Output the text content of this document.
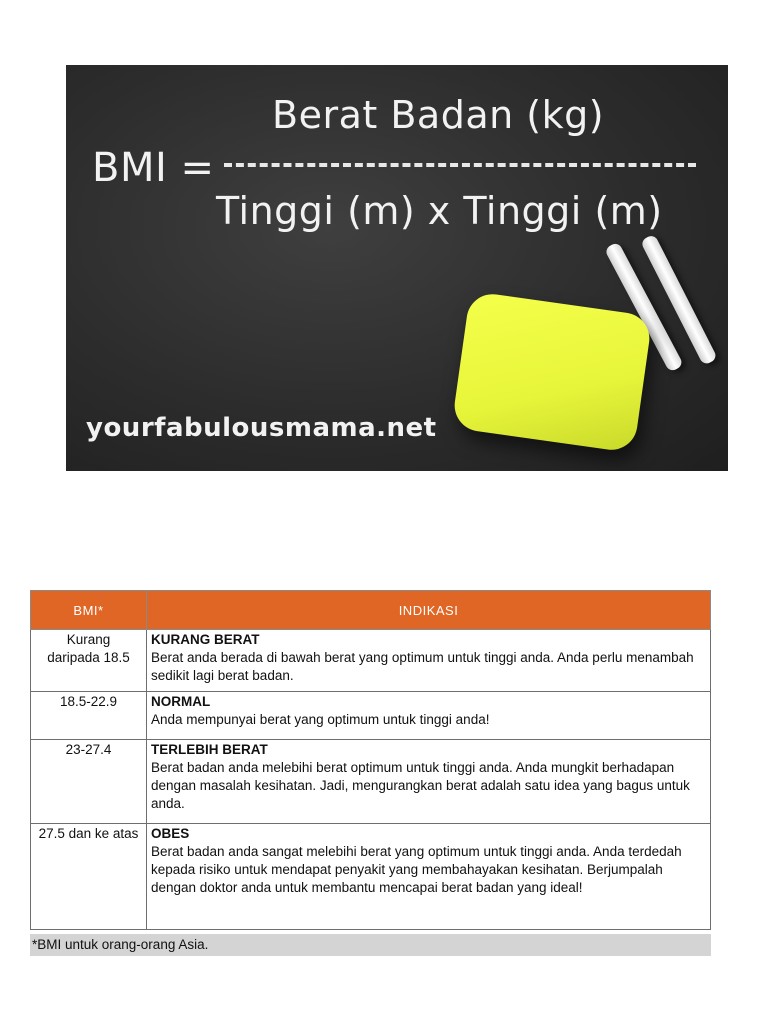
Berat Badan (kg)
BMI =
Tinggi (m) x Tinggi (m)
yourfabulousmama.net
BMI*	INDIKASI
Kurang daripada 18.5	KURANG BERAT
Berat anda berada di bawah berat yang optimum untuk tinggi anda. Anda perlu menambah sedikit lagi berat badan.

18.5-22.9	NORMAL
Anda mempunyai berat yang optimum untuk tinggi anda!

23-27.4	TERLEBIH BERAT
Berat badan anda melebihi berat optimum untuk tinggi anda. Anda mungkit berhadapan dengan masalah kesihatan. Jadi, mengurangkan berat adalah satu idea yang bagus untuk anda.

27.5 dan ke atas	OBES
Berat badan anda sangat melebihi berat yang optimum untuk tinggi anda. Anda terdedah kepada risiko untuk mendapat penyakit yang membahayakan kesihatan. Berjumpalah dengan doktor anda untuk membantu mencapai berat badan yang ideal!
*BMI untuk orang-orang Asia.
